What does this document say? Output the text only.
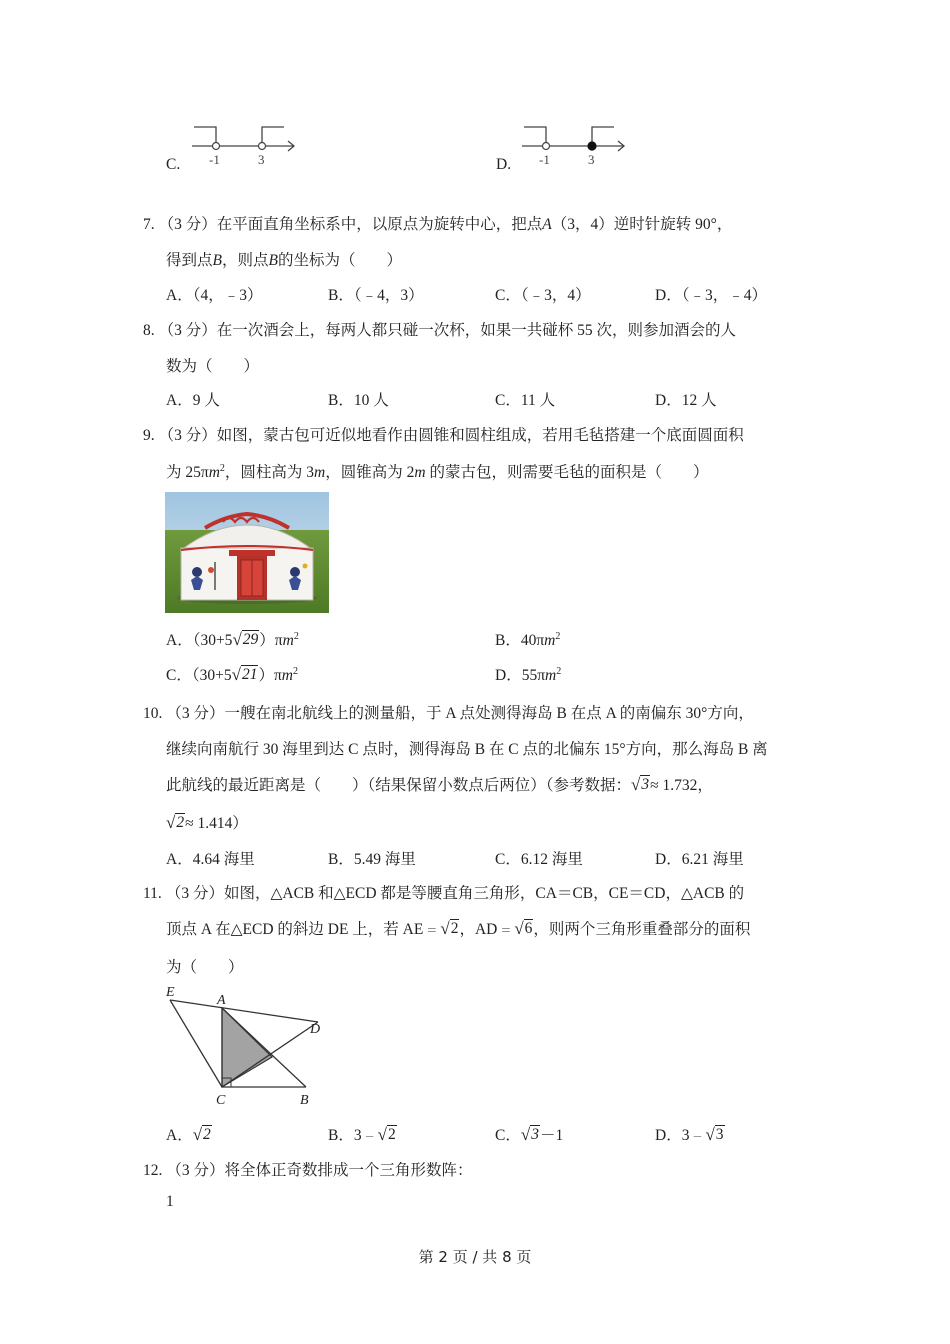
C. -1	3	D. -1	3
7. （3 分）在平面直角坐标系中，以原点为旋转中心，把点A（3，4）逆时针旋转 90°，
得到点B，则点B的坐标为（　　）
A．（4，﹣3）	B．（﹣4，3）	C．（﹣3，4）	D．（﹣3，﹣4）
8. （3 分）在一次酒会上，每两人都只碰一次杯，如果一共碰杯 55 次，则参加酒会的人
数为（　　）
A．9 人	B．10 人	C．11 人	D．12 人
9. （3 分）如图，蒙古包可近似地看作由圆锥和圆柱组成，若用毛毡搭建一个底面圆面积
为 $25\pi m^2$，圆柱高为 3m，圆锥高为 2m 的蒙古包，则需要毛毡的面积是（　　）
A．（30+5 √ 29 ）$\pi m^2$	B．$40\pi m^2$
C．（30+5 √ 21 ）$\pi m^2$	D．$55\pi m^2$
10. （3 分）一艘在南北航线上的测量船，于 A 点处测得海岛 B 在点 A 的南偏东 30°方向，
继续向南航行 30 海里到达 C 点时，测得海岛 B 在 C 点的北偏东 15°方向，那么海岛 B 离
此航线的最近距离是（　　）（结果保留小数点后两位）（参考数据： √ 3 ≈ 1.732，
√ 2 ≈ 1.414）
A．4.64 海里	B．5.49 海里	C．6.12 海里	D．6.21 海里
11. （3 分）如图，△ACB 和△ECD 都是等腰直角三角形，CA＝CB，CE＝CD，△ACB 的
顶点 A 在△ECD 的斜边 DE 上，若 AE ＝ √ 2 ，AD ＝ √ 6 ，则两个三角形重叠部分的面积
为（　　）
E
A
D
C	B
A． √ 2	B．3 － √ 2	C． √ 3 －1	D．3 － √ 3
12. （3 分）将全体正奇数排成一个三角形数阵：
1
第 2 页 / 共 8 页
